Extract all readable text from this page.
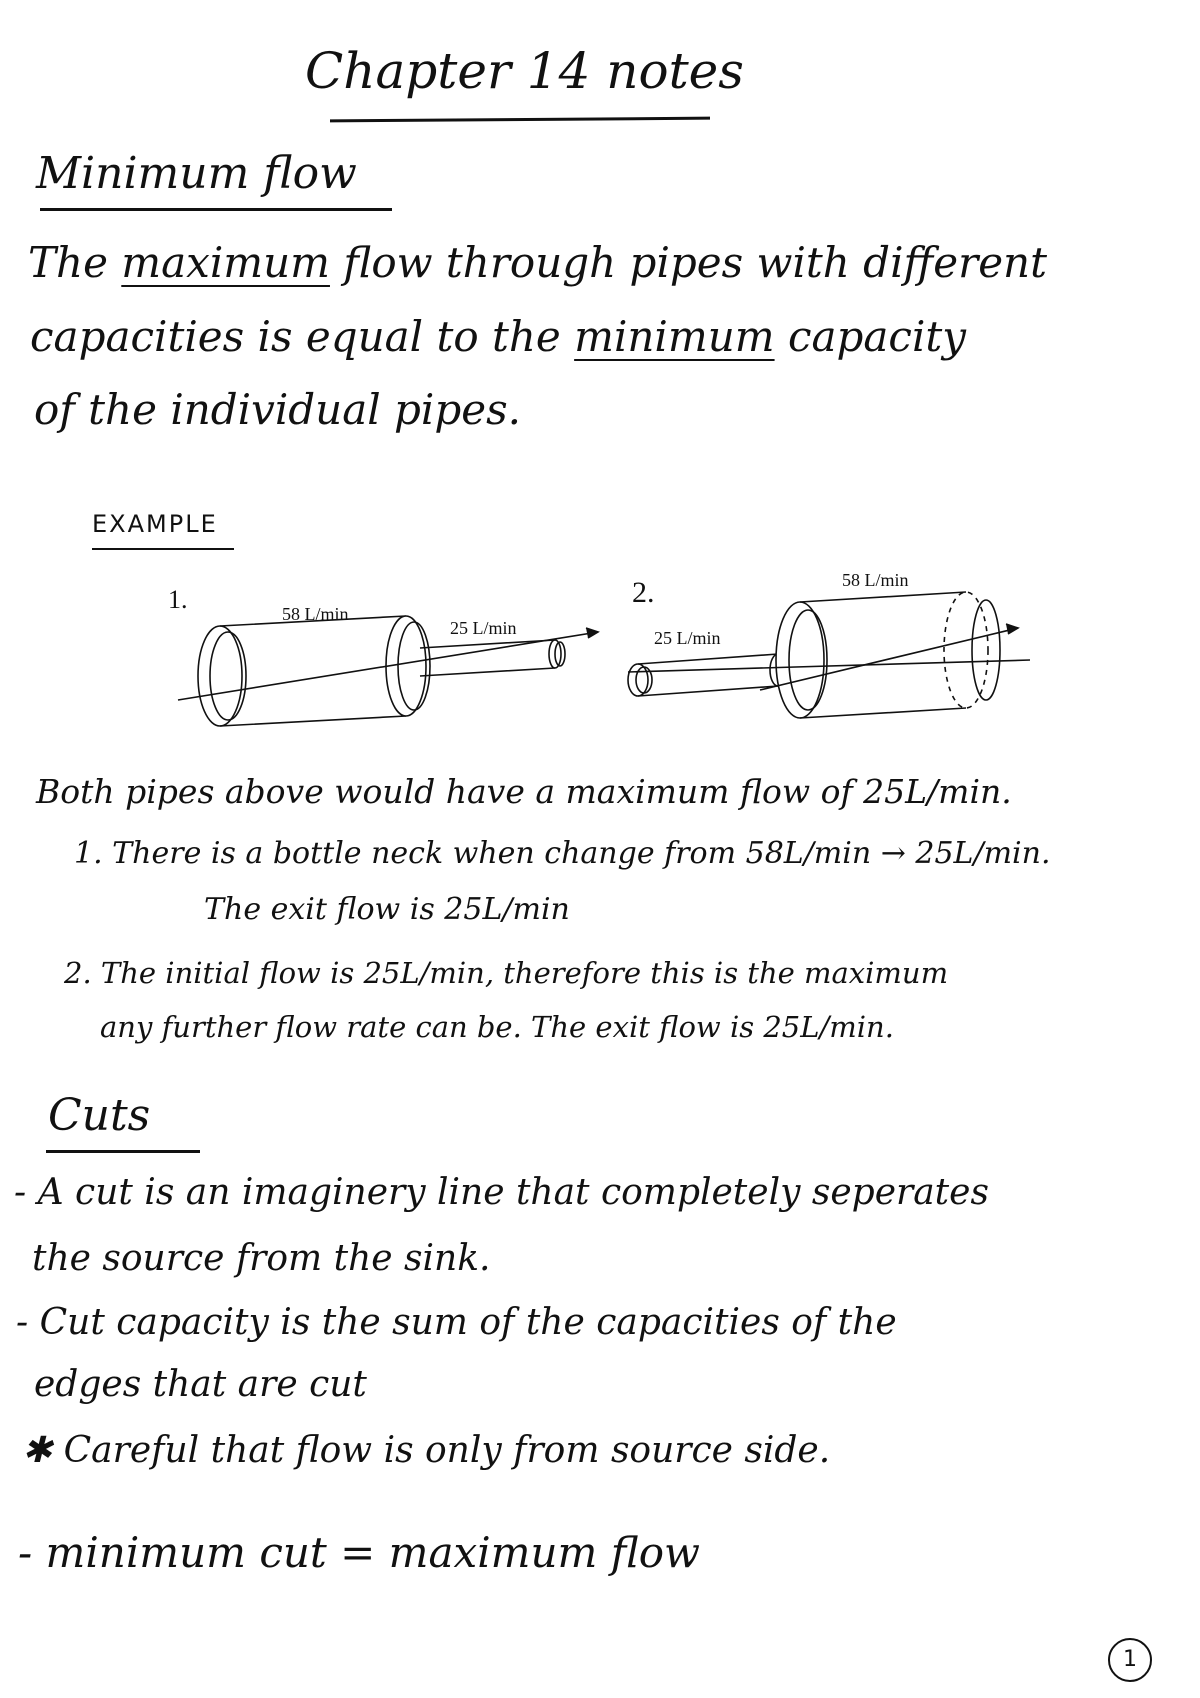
Chapter 14 notes
Minimum flow
The maximum flow through pipes with different
capacities is equal to the minimum capacity
of the individual pipes.
EXAMPLE
1.	2.
58 L/min
25 L/min	25 L/min
58 L/min
Both pipes above would have a maximum flow of 25L/min.
1. There is a bottle neck when change from 58L/min → 25L/min.
The exit flow is 25L/min
2. The initial flow is 25L/min, therefore this is the maximum
any further flow rate can be. The exit flow is 25L/min.
Cuts
- A cut is an imaginery line that completely seperates
the source from the sink.
- Cut capacity is the sum of the capacities of the
edges that are cut
✱ Careful that flow is only from source side.
- minimum cut = maximum flow
1
